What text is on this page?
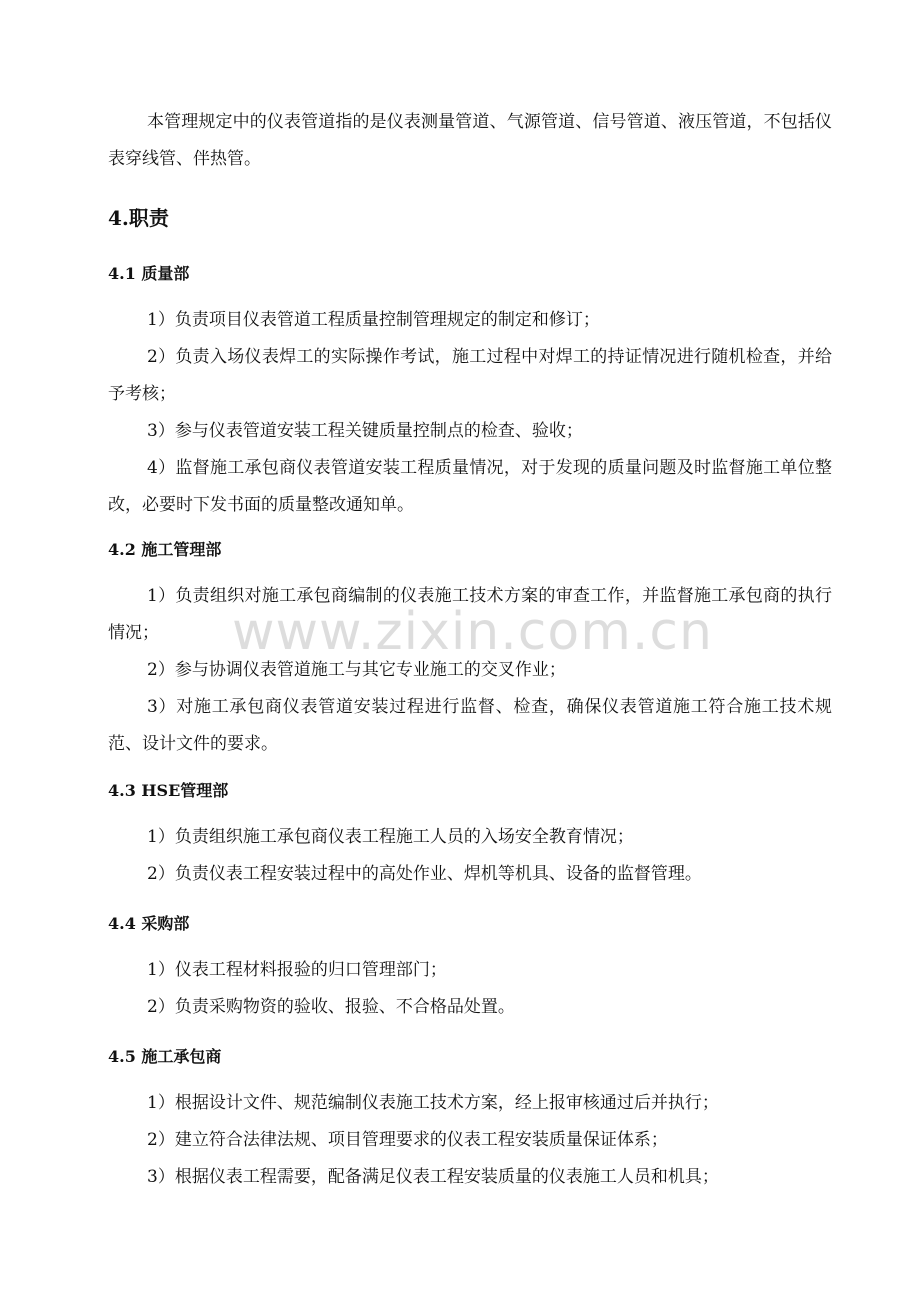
本管理规定中的仪表管道指的是仪表测量管道、气源管道、信号管道、液压管道，不包括仪表穿线管、伴热管。

4.职责
4.1 质量部

1）负责项目仪表管道工程质量控制管理规定的制定和修订；

2）负责入场仪表焊工的实际操作考试，施工过程中对焊工的持证情况进行随机检查，并给予考核；

3）参与仪表管道安装工程关键质量控制点的检查、验收；

4）监督施工承包商仪表管道安装工程质量情况，对于发现的质量问题及时监督施工单位整改，必要时下发书面的质量整改通知单。

4.2 施工管理部

1）负责组织对施工承包商编制的仪表施工技术方案的审查工作，并监督施工承包商的执行情况；

2）参与协调仪表管道施工与其它专业施工的交叉作业；

3）对施工承包商仪表管道安装过程进行监督、检查，确保仪表管道施工符合施工技术规范、设计文件的要求。

4.3 HSE管理部

1）负责组织施工承包商仪表工程施工人员的入场安全教育情况；

2）负责仪表工程安装过程中的高处作业、焊机等机具、设备的监督管理。

4.4 采购部

1）仪表工程材料报验的归口管理部门；

2）负责采购物资的验收、报验、不合格品处置。

4.5 施工承包商

1）根据设计文件、规范编制仪表施工技术方案，经上报审核通过后并执行；

2）建立符合法律法规、项目管理要求的仪表工程安装质量保证体系；

3）根据仪表工程需要，配备满足仪表工程安装质量的仪表施工人员和机具；

www.zixin.com.cn
